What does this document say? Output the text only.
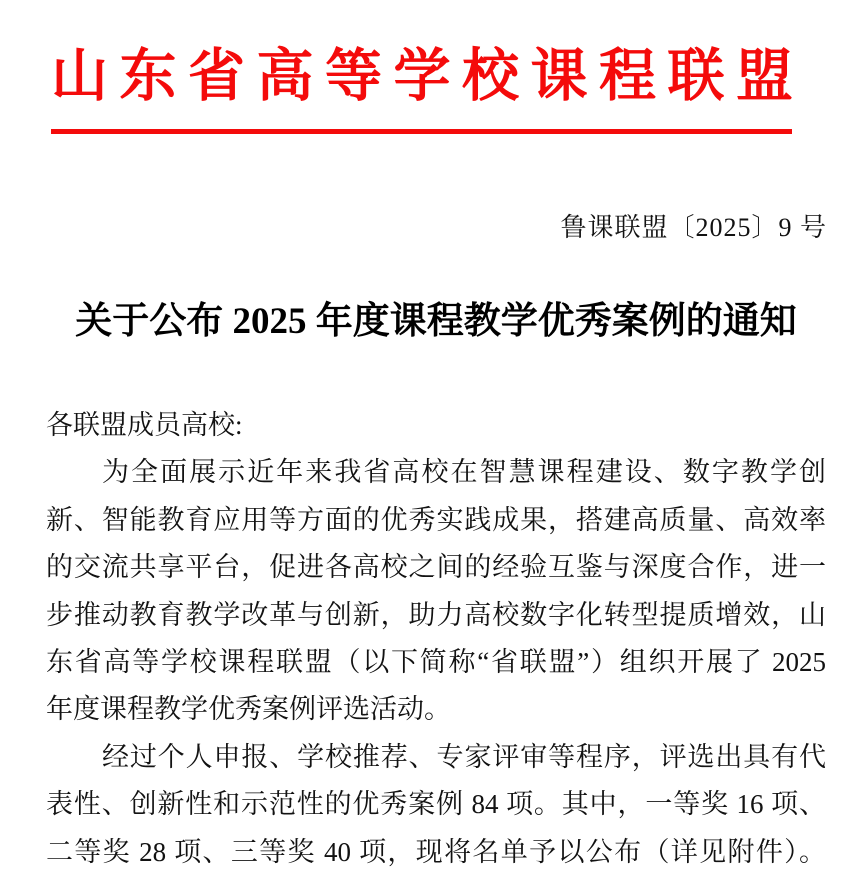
山东省高等学校课程联盟
鲁课联盟〔2025〕9 号
关于公布 2025 年度课程教学优秀案例的通知
各联盟成员高校:
为全面展示近年来我省高校在智慧课程建设、数字教学创
新、智能教育应用等方面的优秀实践成果，搭建高质量、高效率
的交流共享平台，促进各高校之间的经验互鉴与深度合作，进一
步推动教育教学改革与创新，助力高校数字化转型提质增效，山
东省高等学校课程联盟（以下简称“省联盟”）组织开展了 2025
年度课程教学优秀案例评选活动。
经过个人申报、学校推荐、专家评审等程序，评选出具有代
表性、创新性和示范性的优秀案例 84 项。其中，一等奖 16 项、
二等奖 28 项、三等奖 40 项，现将名单予以公布（详见附件）。
